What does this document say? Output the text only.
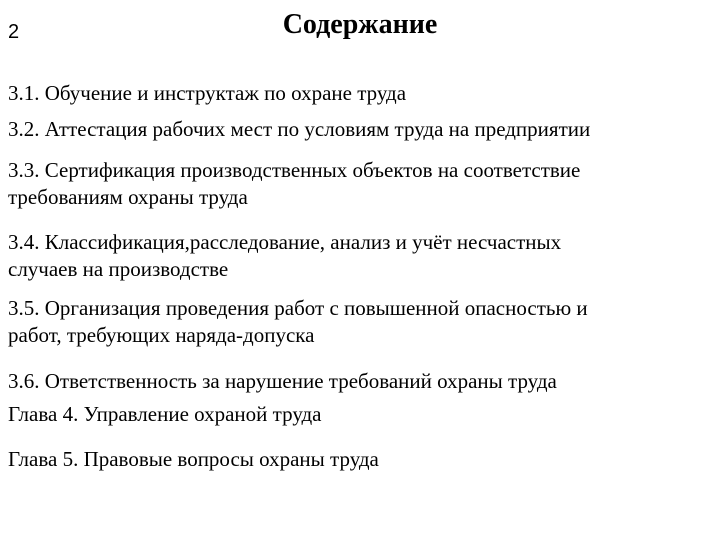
2	Содержание
3.1. Обучение и инструктаж по охране труда
3.2. Аттестация рабочих мест по условиям труда на предприятии
3.3. Сертификация производственных объектов на соответствие
требованиям охраны труда
3.4. Классификация,расследование, анализ и учёт несчастных
случаев на производстве
3.5. Организация проведения работ с повышенной опасностью и
работ, требующих наряда-допуска
3.6. Ответственность за нарушение требований охраны труда
Глава 4. Управление охраной труда
Глава 5. Правовые вопросы охраны труда
